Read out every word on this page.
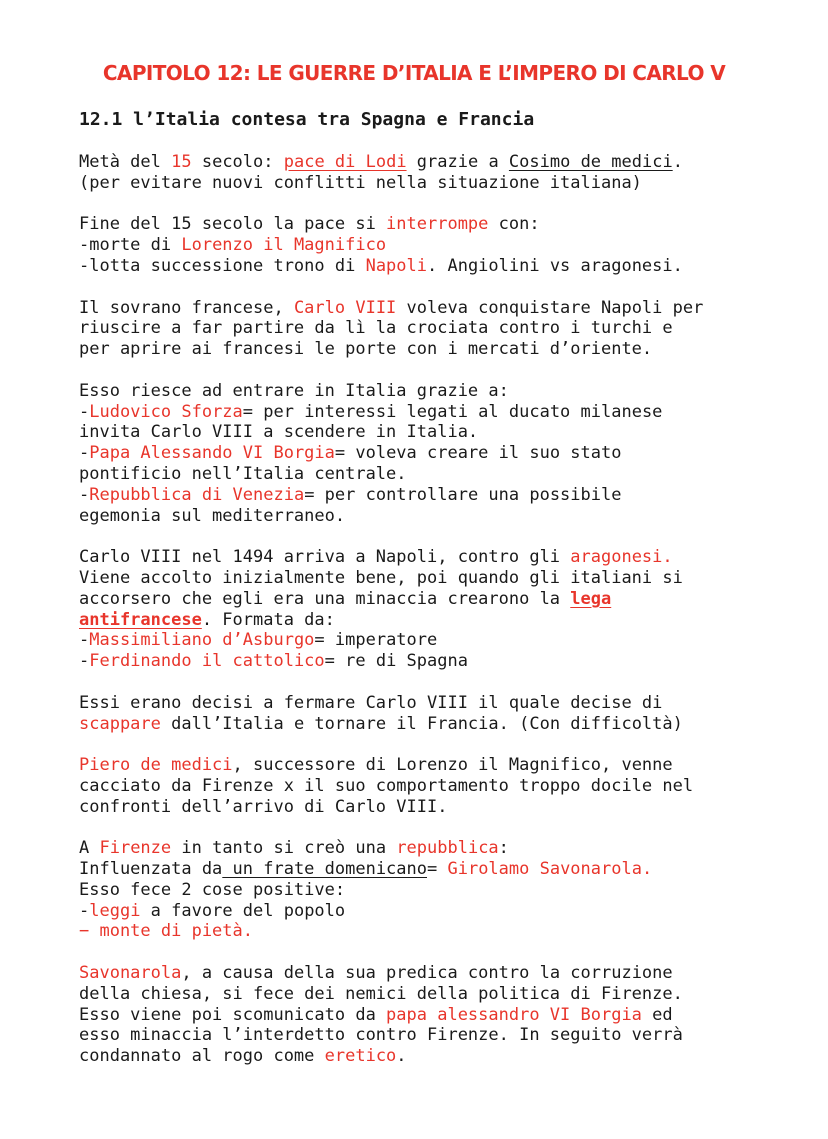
CAPITOLO 12: LE GUERRE D’ITALIA E L’IMPERO DI CARLO V
12.1 l’Italia contesa tra Spagna e Francia
Metà del 15 secolo: pace di Lodi grazie a Cosimo de medici.
(per evitare nuovi conflitti nella situazione italiana)
Fine del 15 secolo la pace si interrompe con:
-morte di Lorenzo il Magnifico
-lotta successione trono di Napoli. Angiolini vs aragonesi.
Il sovrano francese, Carlo VIII voleva conquistare Napoli per
riuscire a far partire da lì la crociata contro i turchi e
per aprire ai francesi le porte con i mercati d’oriente.
Esso riesce ad entrare in Italia grazie a:
-Ludovico Sforza= per interessi legati al ducato milanese
invita Carlo VIII a scendere in Italia.
-Papa Alessando VI Borgia= voleva creare il suo stato
pontificio nell’Italia centrale.
-Repubblica di Venezia= per controllare una possibile
egemonia sul mediterraneo.
Carlo VIII nel 1494 arriva a Napoli, contro gli aragonesi.
Viene accolto inizialmente bene, poi quando gli italiani si
accorsero che egli era una minaccia crearono la lega
antifrancese. Formata da:
-Massimiliano d’Asburgo= imperatore
-Ferdinando il cattolico= re di Spagna
Essi erano decisi a fermare Carlo VIII il quale decise di
scappare dall’Italia e tornare il Francia. (Con difficoltà)
Piero de medici, successore di Lorenzo il Magnifico, venne
cacciato da Firenze x il suo comportamento troppo docile nel
confronti dell’arrivo di Carlo VIII.
A Firenze in tanto si creò una repubblica:
Influenzata da un frate domenicano= Girolamo Savonarola.
Esso fece 2 cose positive:
-leggi a favore del popolo
− monte di pietà.
Savonarola, a causa della sua predica contro la corruzione
della chiesa, si fece dei nemici della politica di Firenze.
Esso viene poi scomunicato da papa alessandro VI Borgia ed
esso minaccia l’interdetto contro Firenze. In seguito verrà
condannato al rogo come eretico.
